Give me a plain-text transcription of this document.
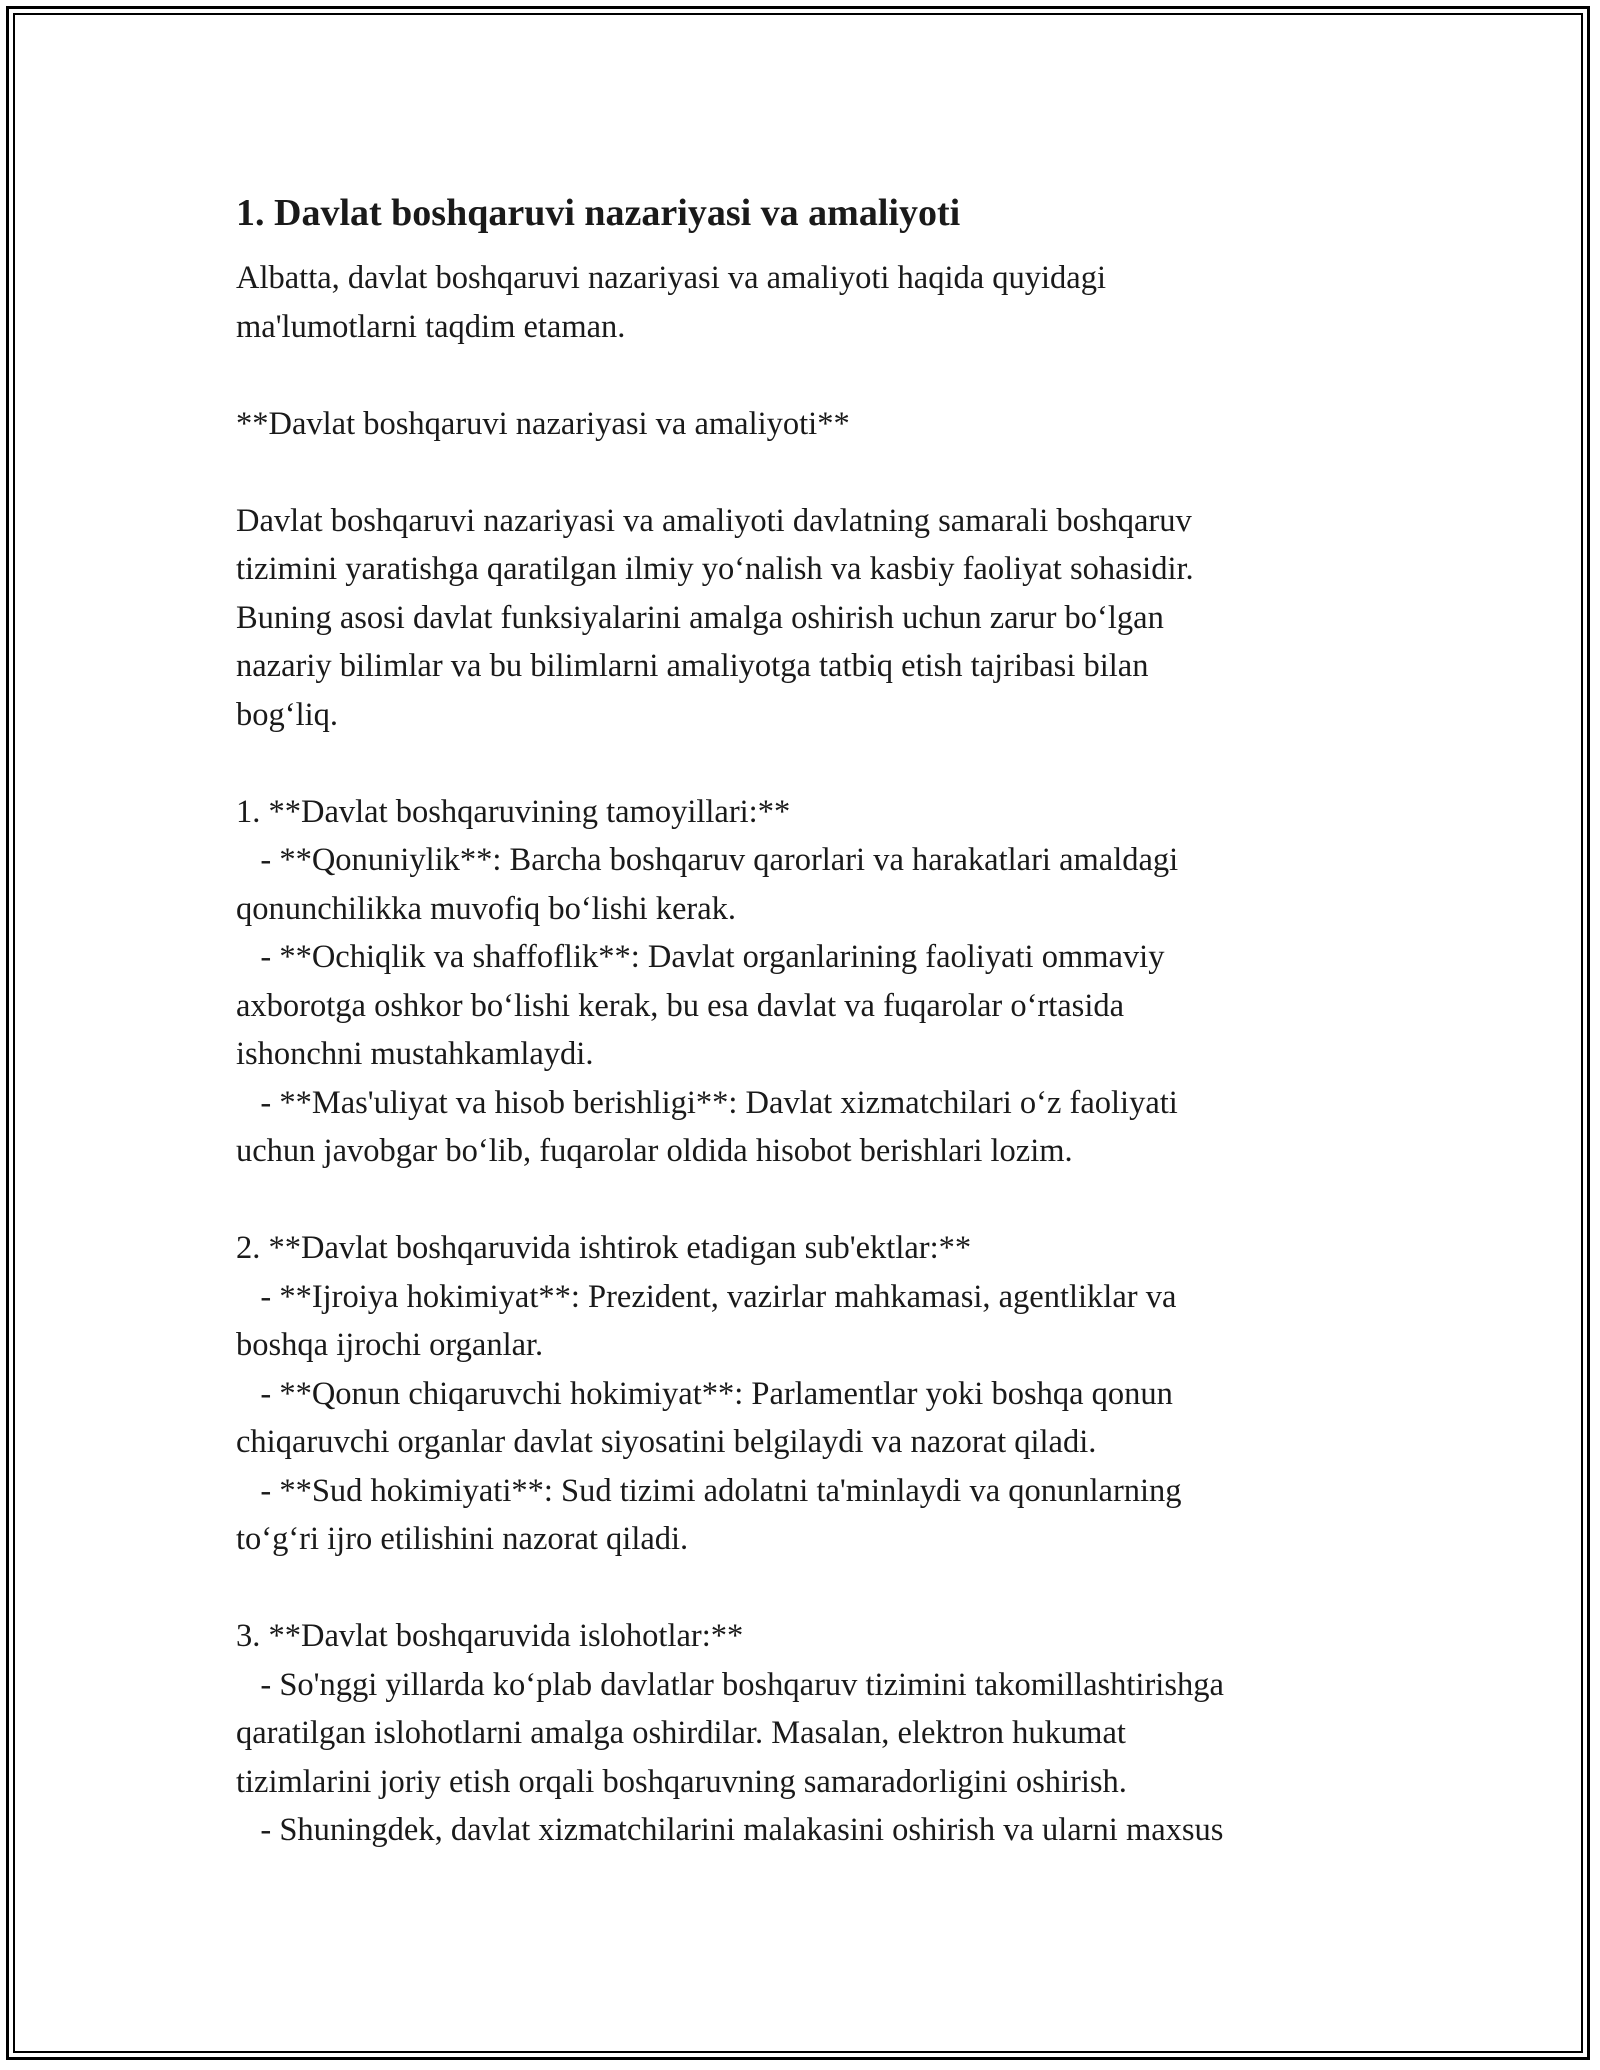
1. Davlat boshqaruvi nazariyasi va amaliyoti

Albatta, davlat boshqaruvi nazariyasi va amaliyoti haqida quyidagi

ma'lumotlarni taqdim etaman.

**Davlat boshqaruvi nazariyasi va amaliyoti**

Davlat boshqaruvi nazariyasi va amaliyoti davlatning samarali boshqaruv

tizimini yaratishga qaratilgan ilmiy yo‘nalish va kasbiy faoliyat sohasidir.

Buning asosi davlat funksiyalarini amalga oshirish uchun zarur bo‘lgan

nazariy bilimlar va bu bilimlarni amaliyotga tatbiq etish tajribasi bilan

bog‘liq.

1. **Davlat boshqaruvining tamoyillari:**

- **Qonuniylik**: Barcha boshqaruv qarorlari va harakatlari amaldagi

qonunchilikka muvofiq bo‘lishi kerak.

- **Ochiqlik va shaffoflik**: Davlat organlarining faoliyati ommaviy

axborotga oshkor bo‘lishi kerak, bu esa davlat va fuqarolar o‘rtasida

ishonchni mustahkamlaydi.

- **Mas'uliyat va hisob berishligi**: Davlat xizmatchilari o‘z faoliyati

uchun javobgar bo‘lib, fuqarolar oldida hisobot berishlari lozim.

2. **Davlat boshqaruvida ishtirok etadigan sub'ektlar:**

- **Ijroiya hokimiyat**: Prezident, vazirlar mahkamasi, agentliklar va

boshqa ijrochi organlar.

- **Qonun chiqaruvchi hokimiyat**: Parlamentlar yoki boshqa qonun

chiqaruvchi organlar davlat siyosatini belgilaydi va nazorat qiladi.

- **Sud hokimiyati**: Sud tizimi adolatni ta'minlaydi va qonunlarning

to‘g‘ri ijro etilishini nazorat qiladi.

3. **Davlat boshqaruvida islohotlar:**

- So'nggi yillarda ko‘plab davlatlar boshqaruv tizimini takomillashtirishga

qaratilgan islohotlarni amalga oshirdilar. Masalan, elektron hukumat

tizimlarini joriy etish orqali boshqaruvning samaradorligini oshirish.

- Shuningdek, davlat xizmatchilarini malakasini oshirish va ularni maxsus
